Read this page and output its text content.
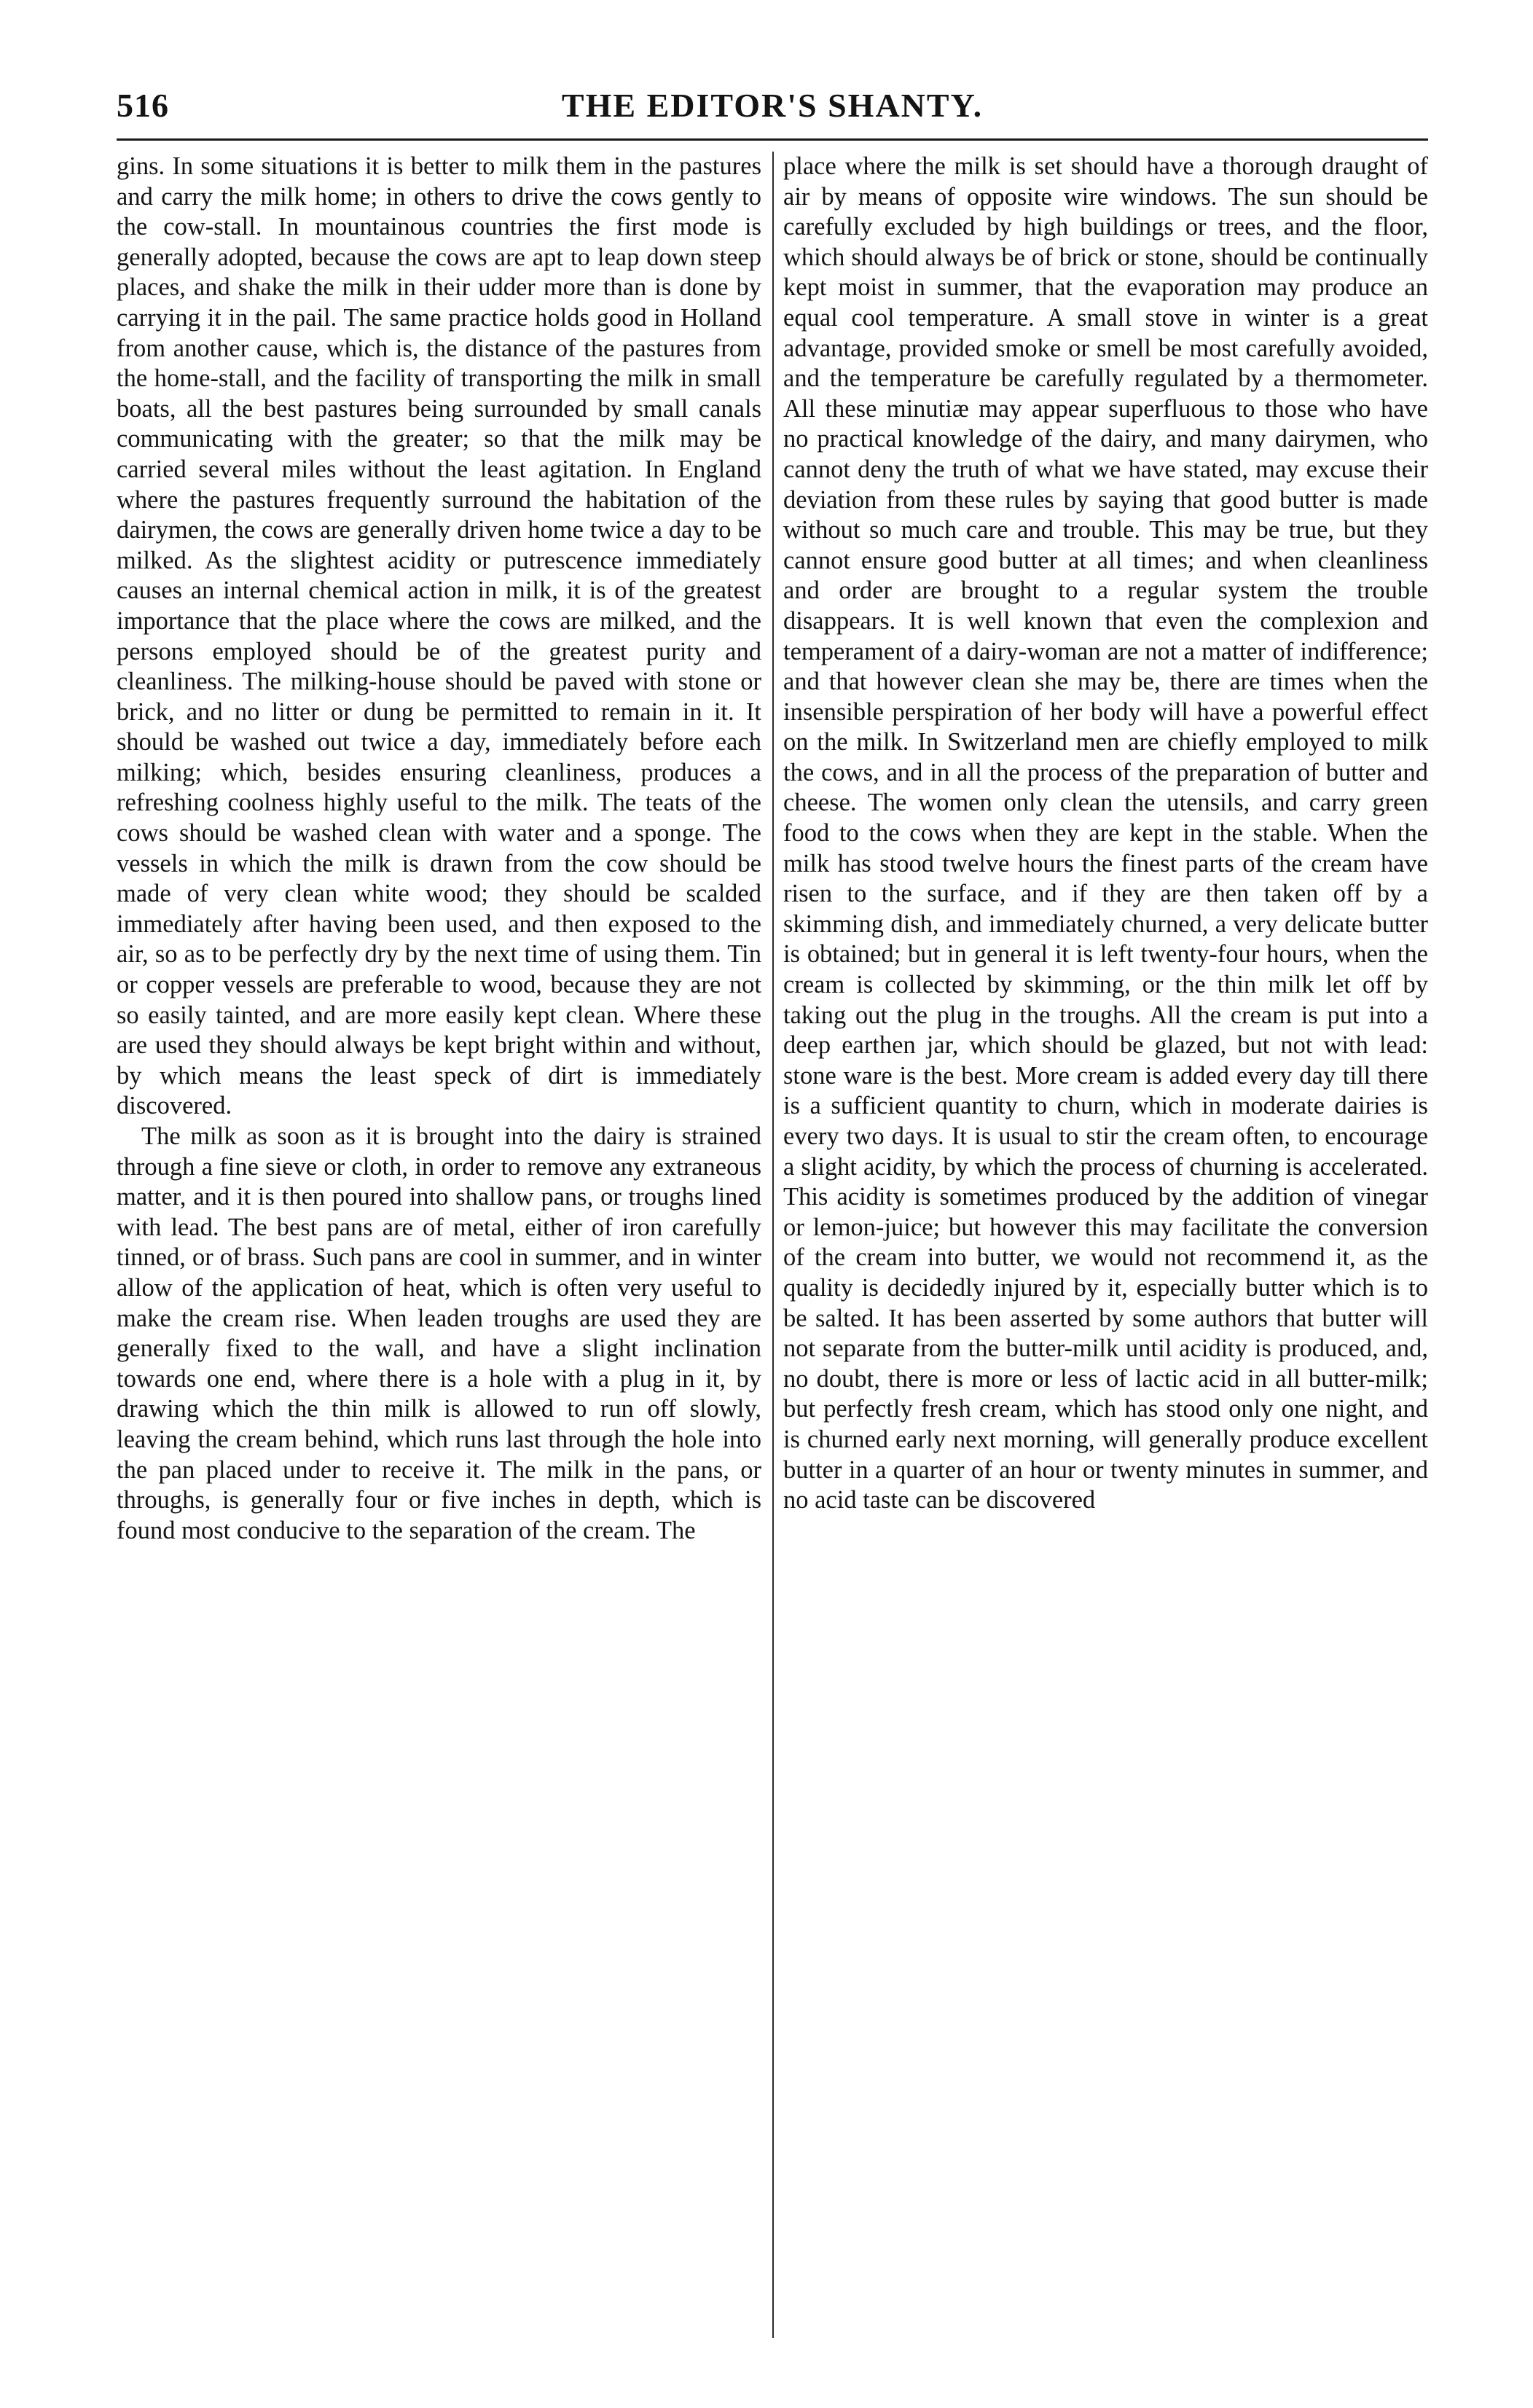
516	THE EDITOR'S SHANTY.

gins. In some situations it is better to milk them in the pastures and carry the milk home; in others to drive the cows gently to the cow-stall. In mountainous countries the first mode is generally adopted, because the cows are apt to leap down steep places, and shake the milk in their udder more than is done by carrying it in the pail. The same practice holds good in Holland from another cause, which is, the distance of the pastures from the home-stall, and the facility of transporting the milk in small boats, all the best pastures being surrounded by small canals communicating with the greater; so that the milk may be carried several miles without the least agitation. In England where the pastures frequently surround the habitation of the dairymen, the cows are generally driven home twice a day to be milked. As the slightest acidity or putrescence immediately causes an internal chemical action in milk, it is of the greatest importance that the place where the cows are milked, and the persons employed should be of the greatest purity and cleanliness. The milking-house should be paved with stone or brick, and no litter or dung be permitted to remain in it. It should be washed out twice a day, immediately before each milking; which, besides ensuring cleanliness, produces a refreshing coolness highly useful to the milk. The teats of the cows should be washed clean with water and a sponge. The vessels in which the milk is drawn from the cow should be made of very clean white wood; they should be scalded immediately after having been used, and then exposed to the air, so as to be perfectly dry by the next time of using them. Tin or copper vessels are preferable to wood, because they are not so easily tainted, and are more easily kept clean. Where these are used they should always be kept bright within and without, by which means the least speck of dirt is immediately discovered.

The milk as soon as it is brought into the dairy is strained through a fine sieve or cloth, in order to remove any extraneous matter, and it is then poured into shallow pans, or troughs lined with lead. The best pans are of metal, either of iron carefully tinned, or of brass. Such pans are cool in summer, and in winter allow of the application of heat, which is often very useful to make the cream rise. When leaden troughs are used they are generally fixed to the wall, and have a slight inclination towards one end, where there is a hole with a plug in it, by drawing which the thin milk is allowed to run off slowly, leaving the cream behind, which runs last through the hole into the pan placed under to receive it. The milk in the pans, or throughs, is generally four or five inches in depth, which is found most conducive to the separation of the cream. The

place where the milk is set should have a thorough draught of air by means of opposite wire windows. The sun should be carefully excluded by high buildings or trees, and the floor, which should always be of brick or stone, should be continually kept moist in summer, that the evaporation may produce an equal cool temperature. A small stove in winter is a great advantage, provided smoke or smell be most carefully avoided, and the temperature be carefully regulated by a thermometer. All these minutiæ may appear superfluous to those who have no practical knowledge of the dairy, and many dairymen, who cannot deny the truth of what we have stated, may excuse their deviation from these rules by saying that good butter is made without so much care and trouble. This may be true, but they cannot ensure good butter at all times; and when cleanliness and order are brought to a regular system the trouble disappears. It is well known that even the complexion and temperament of a dairy-woman are not a matter of indifference; and that however clean she may be, there are times when the insensible perspiration of her body will have a powerful effect on the milk. In Switzerland men are chiefly employed to milk the cows, and in all the process of the preparation of butter and cheese. The women only clean the utensils, and carry green food to the cows when they are kept in the stable. When the milk has stood twelve hours the finest parts of the cream have risen to the surface, and if they are then taken off by a skimming dish, and immediately churned, a very delicate butter is obtained; but in general it is left twenty-four hours, when the cream is collected by skimming, or the thin milk let off by taking out the plug in the troughs. All the cream is put into a deep earthen jar, which should be glazed, but not with lead: stone ware is the best. More cream is added every day till there is a sufficient quantity to churn, which in moderate dairies is every two days. It is usual to stir the cream often, to encourage a slight acidity, by which the process of churning is accelerated. This acidity is sometimes produced by the addition of vinegar or lemon-juice; but however this may facilitate the conversion of the cream into butter, we would not recommend it, as the quality is decidedly injured by it, especially butter which is to be salted. It has been asserted by some authors that butter will not separate from the butter-milk until acidity is produced, and, no doubt, there is more or less of lactic acid in all butter-milk; but perfectly fresh cream, which has stood only one night, and is churned early next morning, will generally produce excellent butter in a quarter of an hour or twenty minutes in summer, and no acid taste can be discovered
